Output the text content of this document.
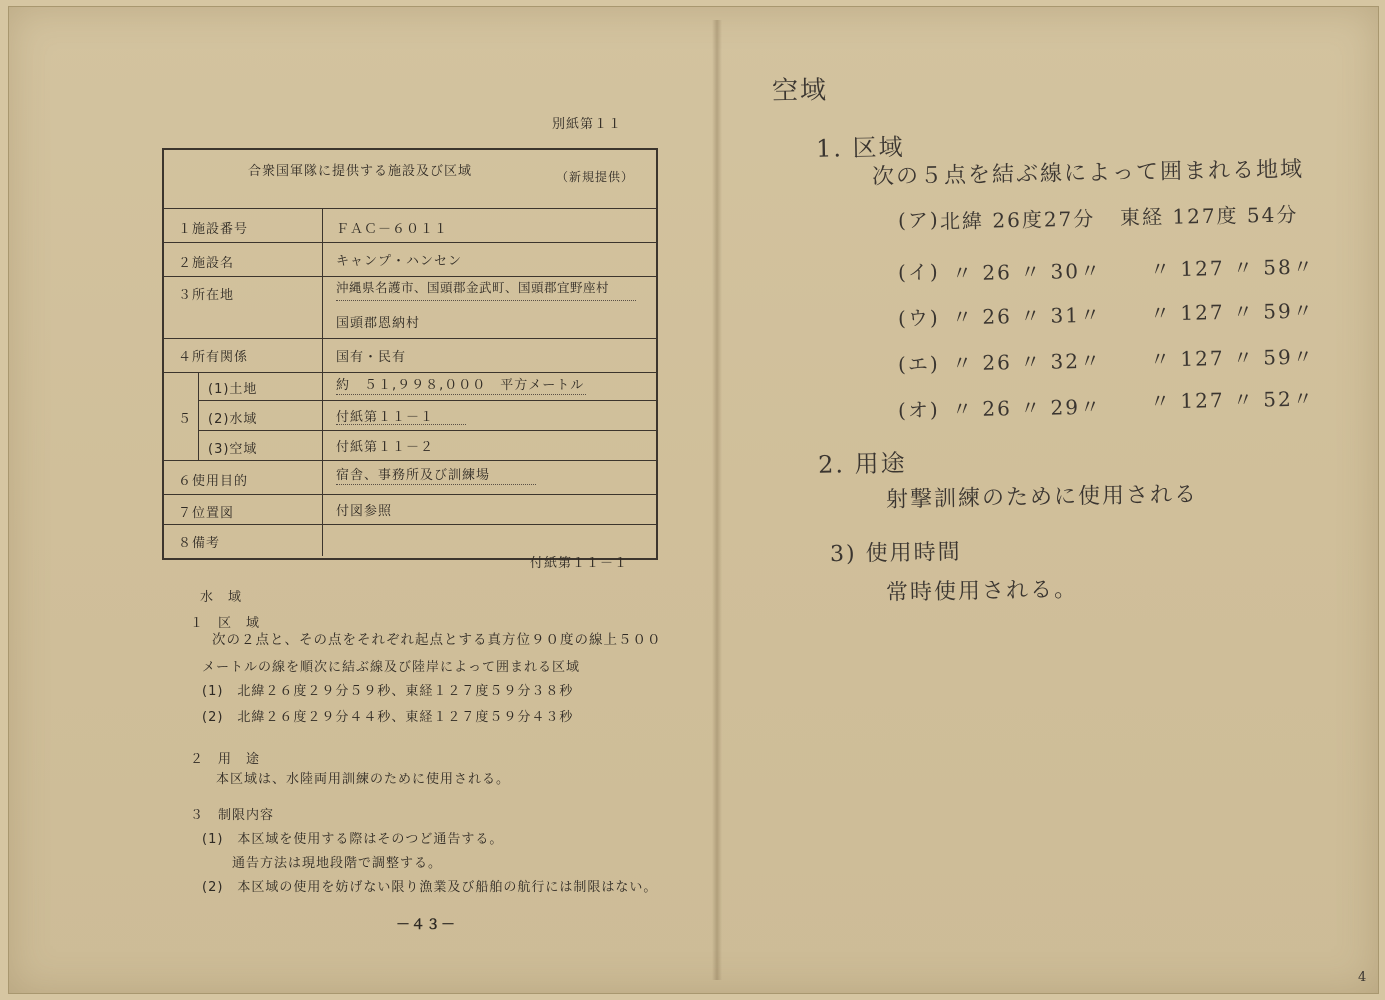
別紙第１１
合衆国軍隊に提供する施設及び区域	（新規提供）
１施設番号
２施設名
３所在地
４所有関係
(1)土地
５ (2)水域
(3)空域
６使用目的
７位置図
８備考
ＦＡＣ－６０１１
キャンプ・ハンセン
沖縄県名護市、国頭郡金武町、国頭郡宜野座村
国頭郡恩納村
国有・民有
約　５１,９９８,０００　平方メートル
付紙第１１－１
付紙第１１－２
宿舎、事務所及び訓練場
付図参照
付紙第１１－１
水　域
１　区　域
次の２点と、その点をそれぞれ起点とする真方位９０度の線上５００
メートルの線を順次に結ぶ線及び陸岸によって囲まれる区域
(1)　北緯２６度２９分５９秒、東経１２７度５９分３８秒
(2)　北緯２６度２９分４４秒、東経１２７度５９分４３秒
２　用　途
本区域は、水陸両用訓練のために使用される。
３　制限内容
(1)　本区域を使用する際はそのつど通告する。
通告方法は現地段階で調整する。
(2)　本区域の使用を妨げない限り漁業及び船舶の航行には制限はない。
－４３－
空域
1. 区域
次の５点を結ぶ線によって囲まれる地域
(ア) 北緯 26度27分 東経 127度 54分
(イ) 〃 26 〃 30〃 〃 127 〃 58〃
(ウ) 〃 26 〃 31〃 〃 127 〃 59〃
(エ) 〃 26 〃 32〃 〃 127 〃 59〃
(オ) 〃 26 〃 29〃 〃 127 〃 52〃
2. 用途
射撃訓練のために使用される
3) 使用時間
常時使用される。
4
